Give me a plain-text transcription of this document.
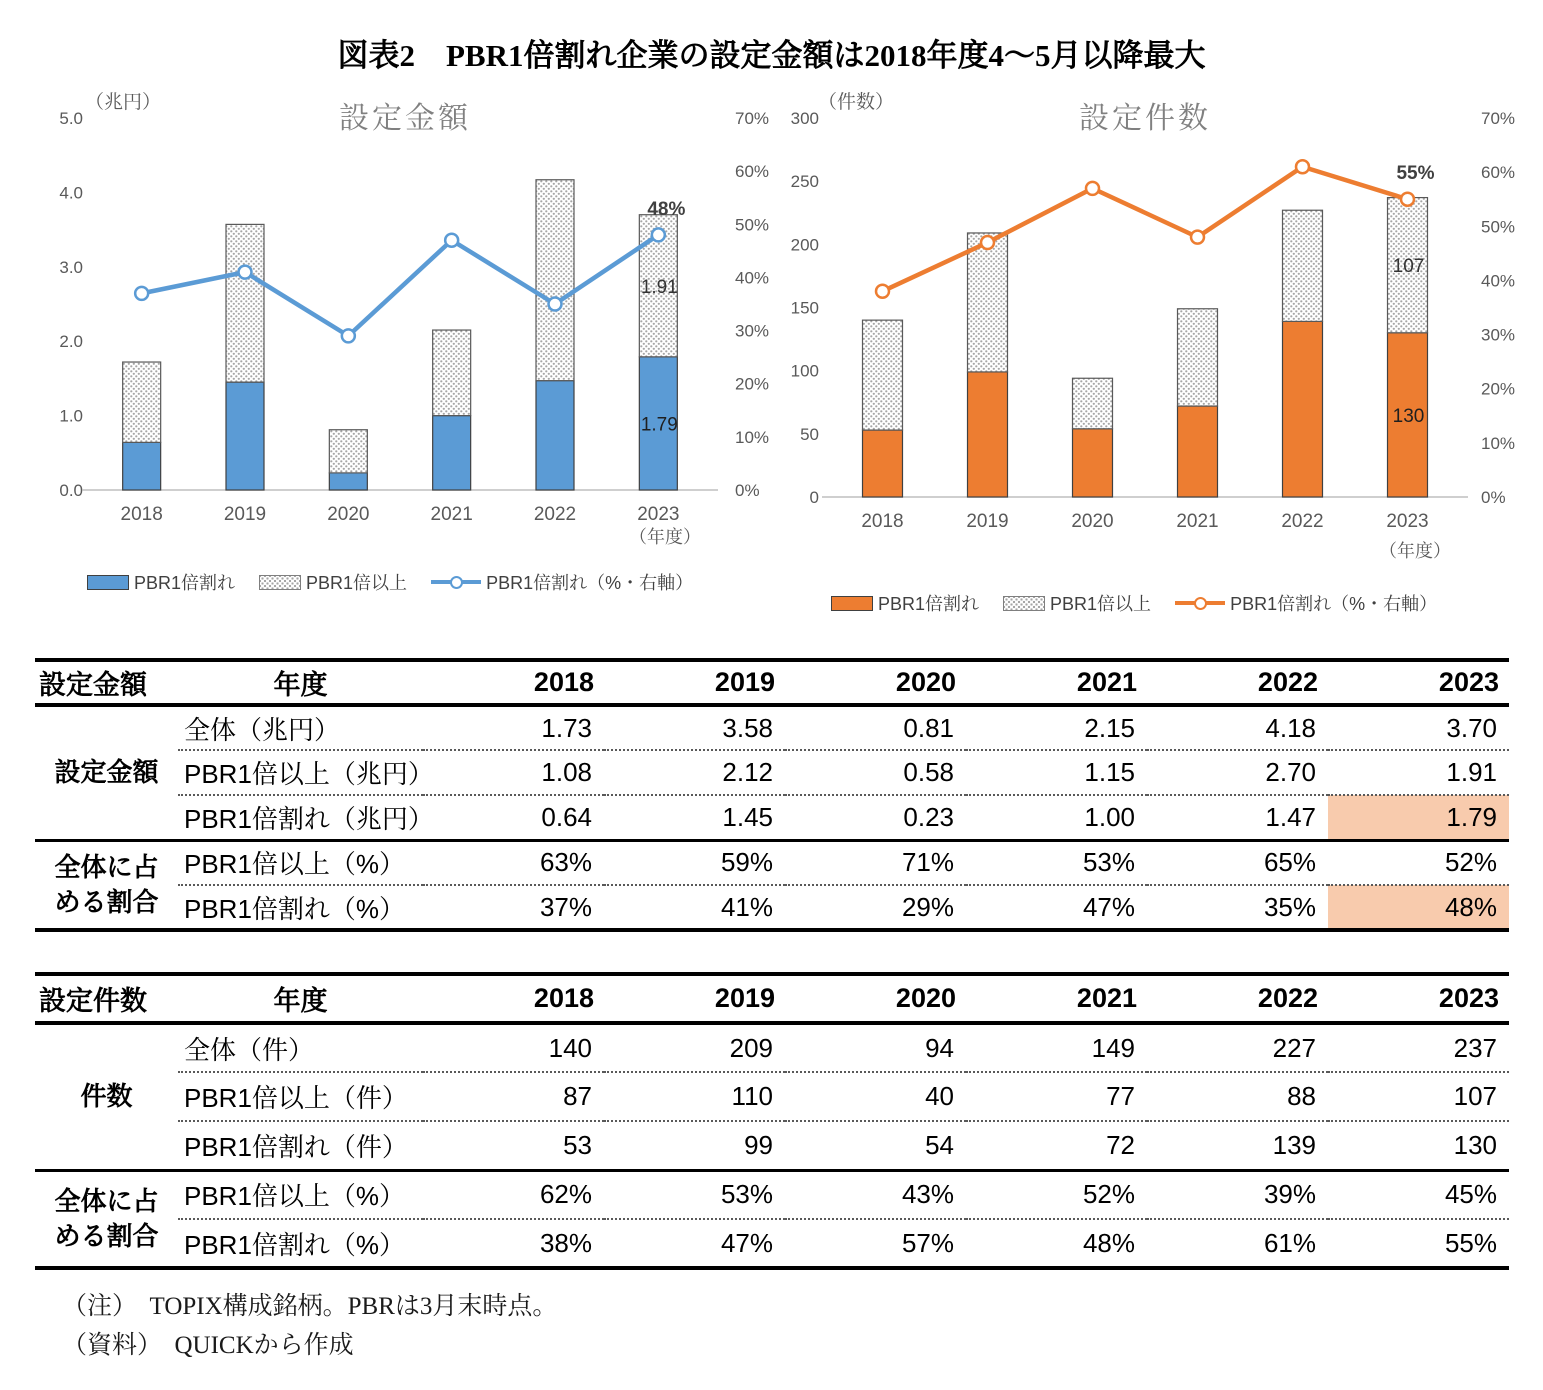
図表2　PBR1倍割れ企業の設定金額は2018年度4～5月以降最大
5.0
4.0
3.0
2.0
1.0
0.0
70%
60%
50%
40%
30%
20%
10%
0%
2018	2019	2020	2021	2022	2023
48%
1.91
1.79
設定金額
（兆円）
（年度）
PBR1倍割れ	PBR1倍以上	PBR1倍割れ（%・右軸）
300
250
200
150
100
50
0
70%
60%
50%
40%
30%
20%
10%
0%
2018	2019	2020	2021	2022	2023
55%
107
130
設定件数
（件数）
（年度）
PBR1倍割れ	PBR1倍以上	PBR1倍割れ（%・右軸）
設定金額	年度	2018	2019	2020	2021	2022	2023
設定金額	全体（兆円）	1.73	3.58	0.81	2.15	4.18	3.70
	PBR1倍以上（兆円）	1.08	2.12	0.58	1.15	2.70	1.91
	PBR1倍割れ（兆円）	0.64	1.45	0.23	1.00	1.47	1.79
全体に占める割合	PBR1倍以上（%）	63%	59%	71%	53%	65%	52%
	PBR1倍割れ（%）	37%	41%	29%	47%	35%	48%
設定件数	年度	2018	2019	2020	2021	2022	2023
件数	全体（件）	140	209	94	149	227	237
	PBR1倍以上（件）	87	110	40	77	88	107
	PBR1倍割れ（件）	53	99	54	72	139	130
全体に占める割合	PBR1倍以上（%）	62%	53%	43%	52%	39%	45%
	PBR1倍割れ（%）	38%	47%	57%	48%	61%	55%
（注）　TOPIX構成銘柄。PBRは3月末時点。
（資料）　QUICKから作成
